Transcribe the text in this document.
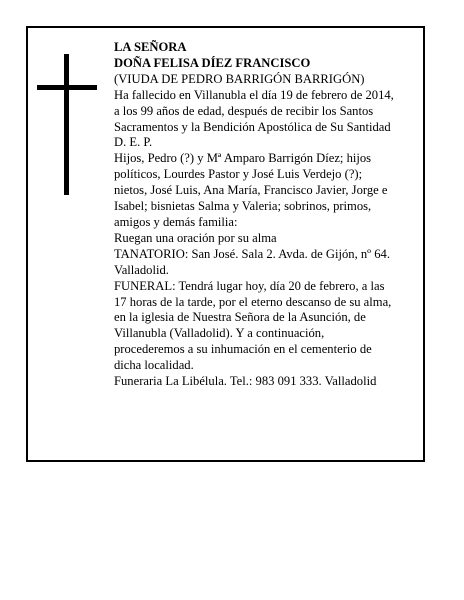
LA SEÑORA
DOÑA FELISA DÍEZ FRANCISCO
(VIUDA DE PEDRO BARRIGÓN BARRIGÓN)
Ha fallecido en Villanubla el día 19 de febrero de 2014,
a los 99 años de edad, después de recibir los Santos
Sacramentos y la Bendición Apostólica de Su Santidad
D. E. P.
Hijos, Pedro (?) y Mª Amparo Barrigón Díez; hijos
políticos, Lourdes Pastor y José Luis Verdejo (?);
nietos, José Luis, Ana María, Francisco Javier, Jorge e
Isabel; bisnietas Salma y Valeria; sobrinos, primos,
amigos y demás familia:
Ruegan una oración por su alma
TANATORIO: San José. Sala 2. Avda. de Gijón, nº 64.
Valladolid.
FUNERAL: Tendrá lugar hoy, día 20 de febrero, a las
17 horas de la tarde, por el eterno descanso de su alma,
en la iglesia de Nuestra Señora de la Asunción, de
Villanubla (Valladolid). Y a continuación,
procederemos a su inhumación en el cementerio de
dicha localidad.
Funeraria La Libélula. Tel.: 983 091 333. Valladolid
